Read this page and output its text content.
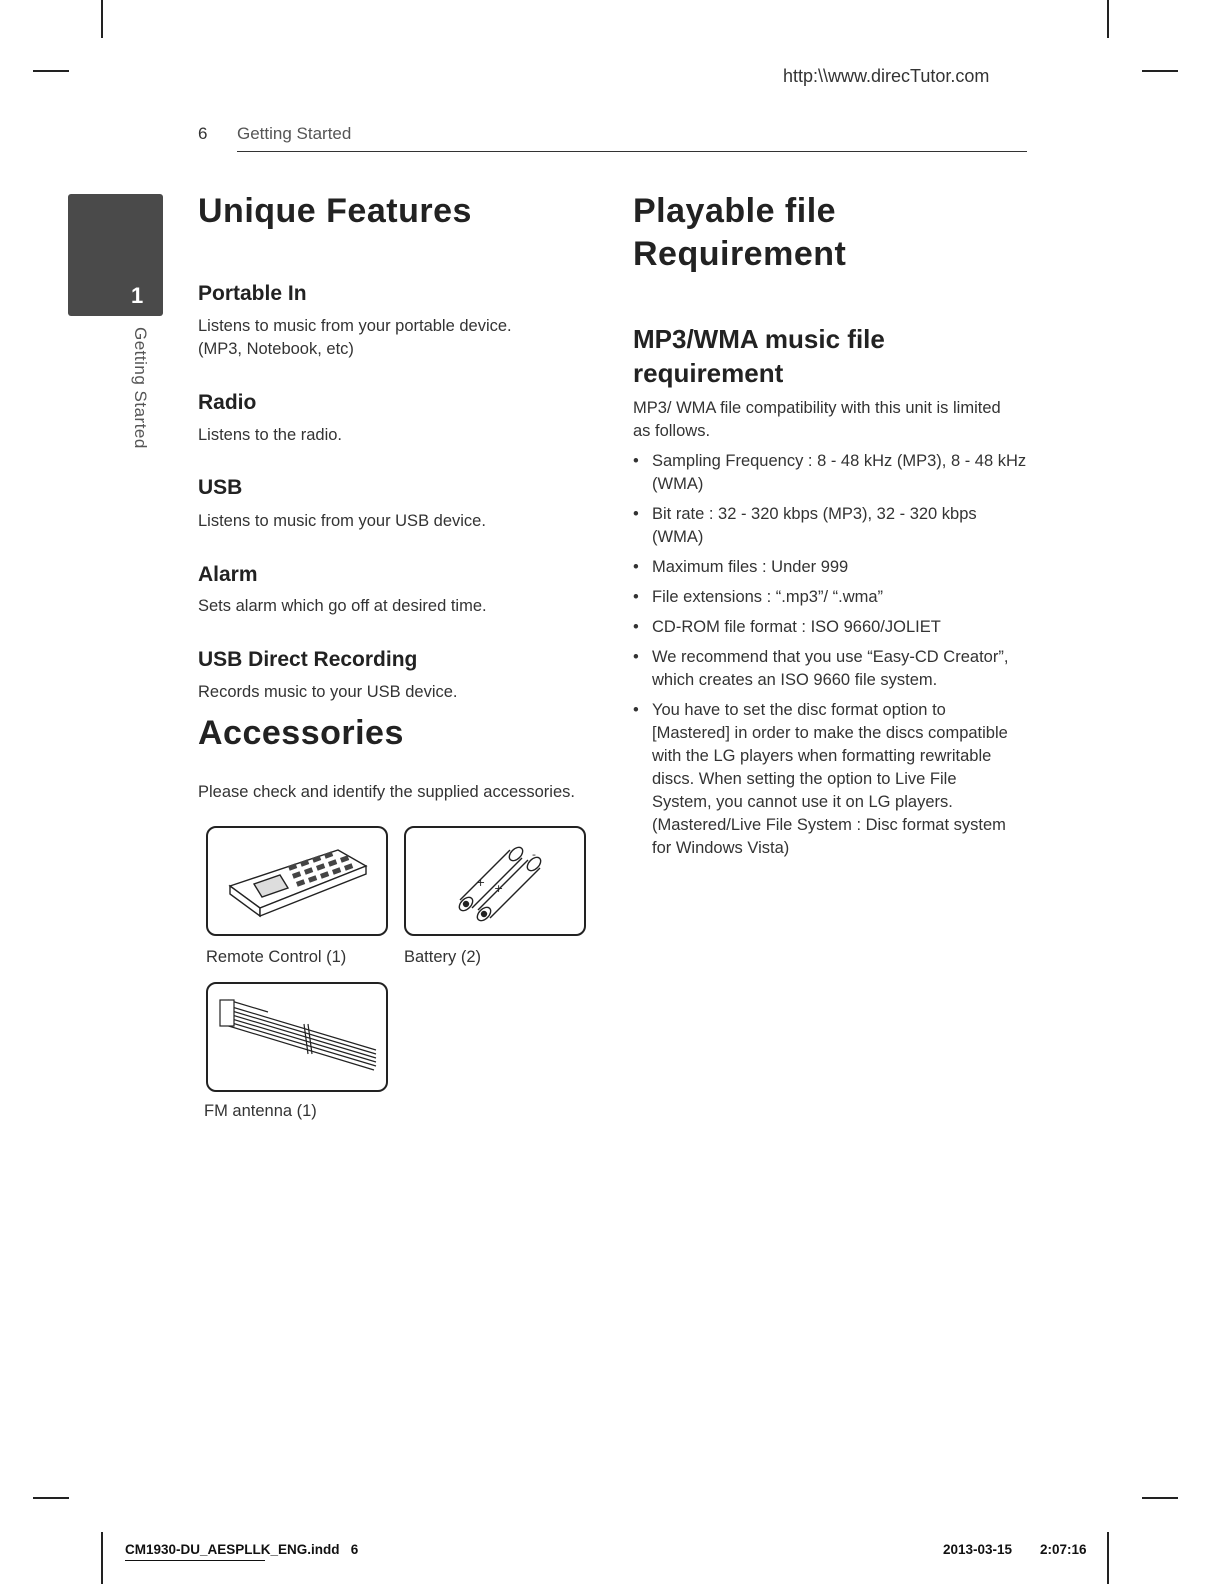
http:\\www.direcTutor.com
6 Getting Started
1
Getting Started
Unique Features
Portable In
Listens to music from your portable device.
(MP3, Notebook, etc)
Radio
Listens to the radio.
USB
Listens to music from your USB device.
Alarm
Sets alarm which go off at desired time.
USB Direct Recording
Records music to your USB device.
Accessories
Please check and identify the supplied accessories.
Remote Control (1)
+
+
-
Battery (2)
FM antenna (1)
Playable file
Requirement
MP3/WMA music file
requirement
MP3/ WMA file compatibility with this unit is limited
as follows.
• Sampling Frequency : 8 - 48 kHz (MP3), 8 - 48 kHz
(WMA)
• Bit rate : 32 - 320 kbps (MP3), 32 - 320 kbps
(WMA)
• Maximum files : Under 999
• File extensions : “.mp3”/ “.wma”
• CD-ROM file format : ISO 9660/JOLIET
• We recommend that you use “Easy-CD Creator”,
which creates an ISO 9660 file system.
• You have to set the disc format option to
[Mastered] in order to make the discs compatible
with the LG players when formatting rewritable
discs. When setting the option to Live File
System, you cannot use it on LG players.
(Mastered/Live File System : Disc format system
for Windows Vista)
CM1930-DU_AESPLLK_ENG.indd   6	2013-03-15 2:07:16
